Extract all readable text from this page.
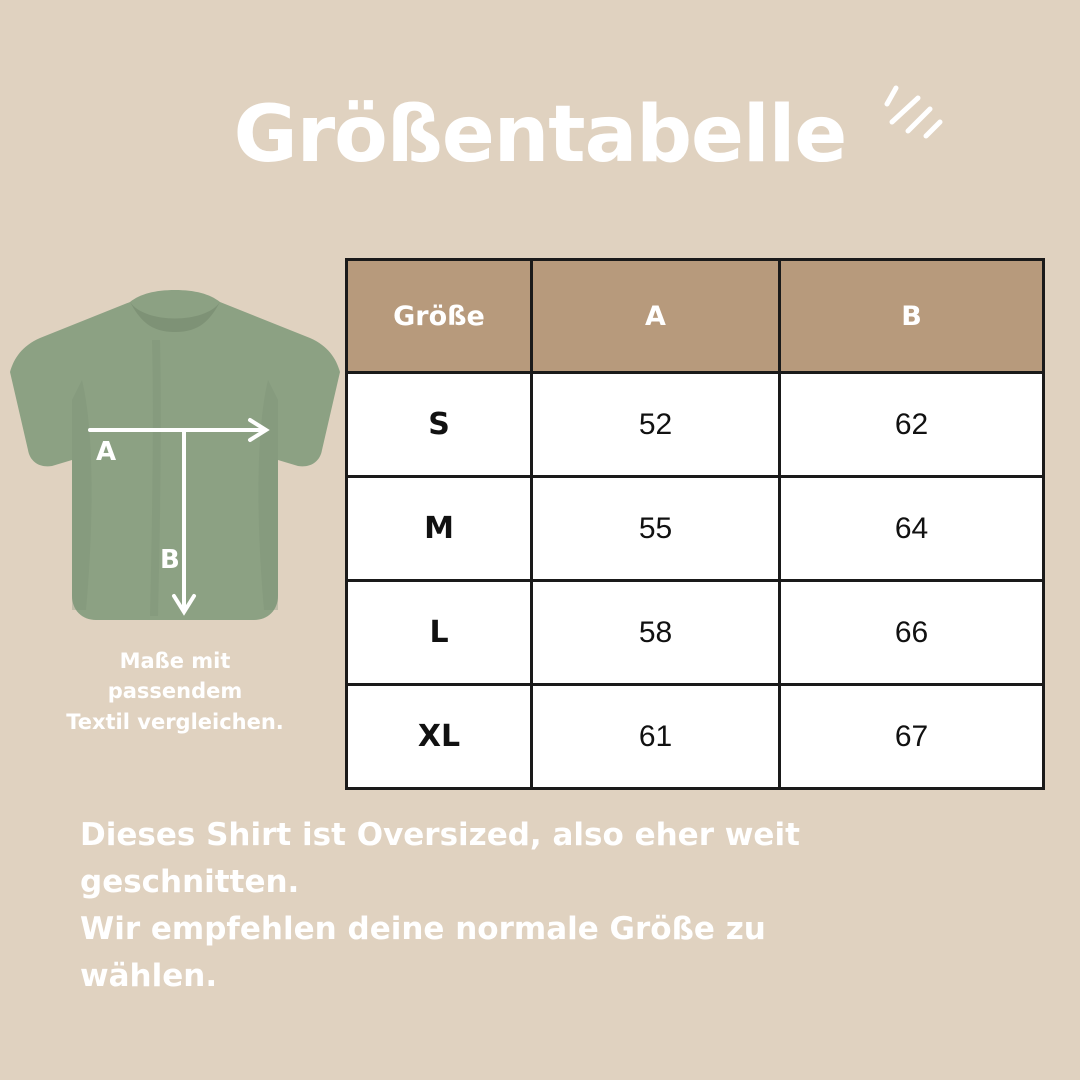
Größentabelle
A
B
Maße mit
passendem
Textil vergleichen.
Größe	A	B
S	52	62
M	55	64
L	58	66
XL	61	67

Dieses Shirt ist Oversized, also eher weit

geschnitten.

Wir empfehlen deine normale Größe zu

wählen.
